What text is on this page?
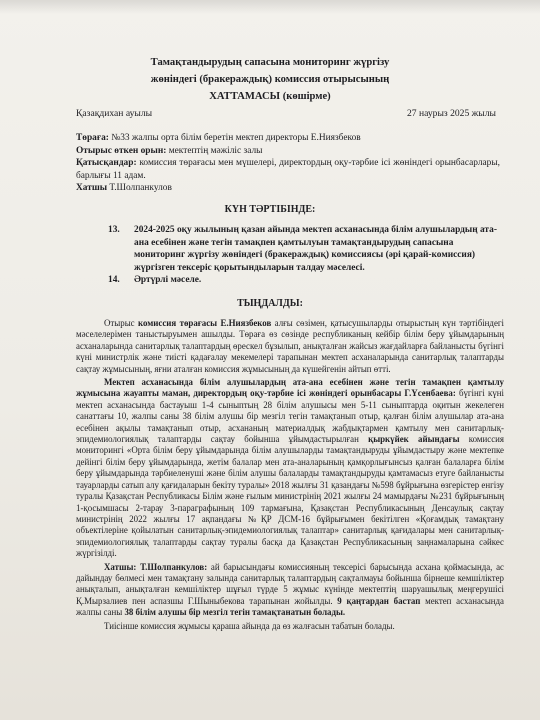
Тамақтандырудың сапасына мониторинг жүргізу
жөніндегі (бракераждық) комиссия отырысының
ХАТТАМАСЫ (көшірме)
Қазақдихан ауылы	27 наурыз 2025 жылы
Төраға: №33 жалпы орта білім беретін мектеп директоры Е.Ниязбеков
Отырыс өткен орын: мектептің мәжіліс залы
Қатысқандар: комиссия төрағасы мен мүшелері, директордың оқу-тәрбие ісі жөніндегі орынбасарлары, барлығы 11 адам.
Хатшы Т.Шолпанкулов
КҮН ТӘРТІБІНДЕ:
13. 2024-2025 оқу жылының қазан айында мектеп асханасында білім алушылардың ата-ана есебінен және тегін тамақпен қамтылуын тамақтандырудың сапасына мониторинг жүргізу жөніндегі (бракераждық) комиссиясы (әрі қарай-комиссия) жүргізген тексеріс қорытындыларын талдау мәселесі.
14. Әртүрлі мәселе.
ТЫҢДАЛДЫ:

Отырыс комиссия төрағасы Е.Ниязбеков алғы сөзімен, қатысушыларды отырыстың күн тәртібіндегі мәселелерімен таныстыруымен ашылды. Төраға өз сөзінде республиканың кейбір білім беру ұйымдарының асханаларында санитарлық талаптардың өрескел бұзылып, анықталған жайсыз жағдайларға байланысты бүгінгі күні министрлік және тиісті қадағалау мекемелері тарапынан мектеп асханаларында санитарлық талаптарды сақтау жұмысының, яғни аталған комиссия жұмысының да күшейгенін айтып өтті.

Мектеп асханасында білім алушылардың ата-ана есебінен және тегін тамақпен қамтылу жұмысына жауапты маман, директордың оқу-тәрбие ісі жөніндегі орынбасары Г.Үсенбаева: бүгінгі күні мектеп асханасында бастауыш 1-4 сыныптың 28 білім алушысы мен 5-11 сыныптарда оқитын жекелеген санаттағы 10, жалпы саны 38 білім алушы бір мезгіл тегін тамақтанып отыр, қалған білім алушылар ата-ана есебінен ақылы тамақтанып отыр, асхананың материалдық жабдықтармен қамтылу мен санитарлық-эпидемиологиялық талаптарды сақтау бойынша ұйымдастырылған қыркүйек айындағы комиссия мониторингі «Орта білім беру ұйымдарында білім алушыларды тамақтандыруды ұйымдастыру және мектепке дейінгі білім беру ұйымдарында, жетім балалар мен ата-аналарының қамқорлығынсыз қалған балаларға білім беру ұйымдарында тәрбиеленуші және білім алушы балаларды тамақтандыруды қамтамасыз етуге байланысты тауарларды сатып алу қағидаларын бекіту туралы» 2018 жылғы 31 қазандағы №598 бұйрығына өзгерістер енгізу туралы Қазақстан Республикасы Білім және ғылым министрінің 2021 жылғы 24 мамырдағы №231 бұйрығының 1-қосымшасы 2-тарау 3-параграфының 109 тармағына, Қазақстан Республикасының Денсаулық сақтау министрінің 2022 жылғы 17 ақпандағы №ҚР ДСМ-16 бұйрығымен бекітілген «Қоғамдық тамақтану объектілеріне қойылатын санитарлық-эпидемиологиялық талаптар» санитарлық қағидалары мен санитарлық-эпидемиологиялық талаптарды сақтау туралы басқа да Қазақстан Республикасының заңнамаларына сәйкес жүргізілді.

Хатшы: Т.Шолпанкулов: ай барысындағы комиссияның тексерісі барысында асхана қоймасында, ас дайындау бөлмесі мен тамақтану залында санитарлық талаптардың сақталмауы бойынша бірнеше кемшіліктер анықталып, анықталған кемшіліктер шұғыл түрде 5 жұмыс күнінде мектептің шаруашылық меңгерушісі Қ.Мырзалиев пен аспазшы Г.Шыныбекова тарапынан жойылды. 9 қаңтардан бастап мектеп асханасында жалпы саны 38 білім алушы бір мезгіл тегін тамақтанатын болады.

Тиісінше комиссия жұмысы қараша айында да өз жалғасын табатын болады.
